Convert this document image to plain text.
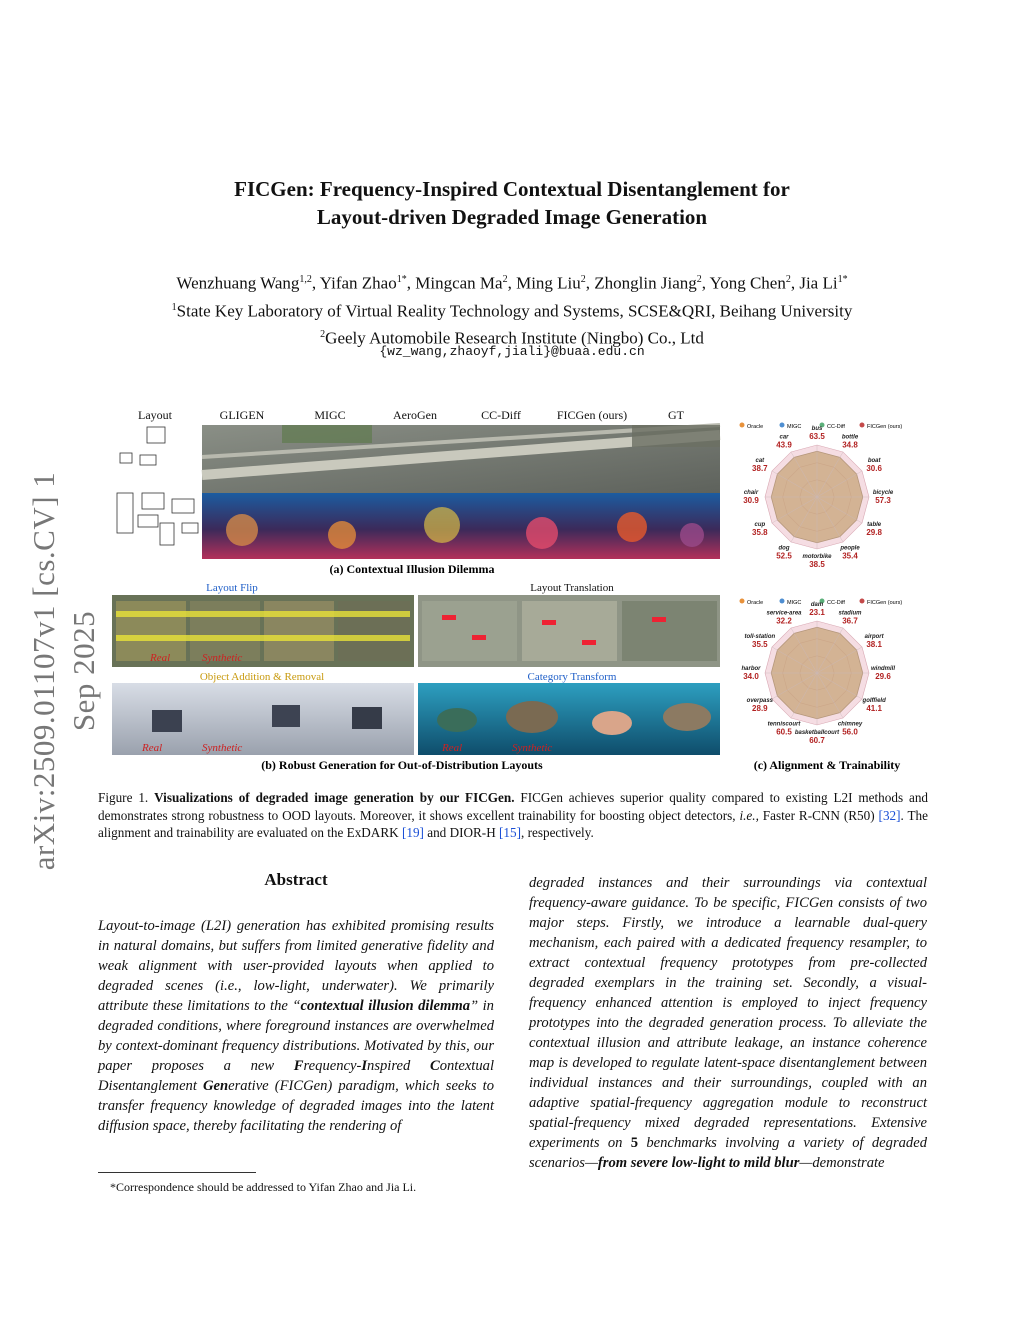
arXiv:2509.01107v1 [cs.CV] 1 Sep 2025
FICGen: Frequency-Inspired Contextual Disentanglement for
Layout-driven Degraded Image Generation
Wenzhuang Wang$^{1,2}$, Yifan Zhao$^{1*}$, Mingcan Ma$^2$, Ming Liu$^2$, Zhonglin Jiang$^2$, Yong Chen$^2$, Jia $Li^{1*}$
$^1$State Key Laboratory of Virtual Reality Technology and Systems, SCSE&QRI, Beihang University
$^2$Geely Automobile Research Institute (Ningbo) Co., Ltd
{wz_wang,zhaoyf,jiali}@buaa.edu.cn
Layout	GLIGEN	MIGC	AeroGen	CC-Diff	FICGen (ours)	GT
(a) Contextual Illusion Dilemma
Layout Flip
Real	Synthetic
Layout Translation
Object Addition & Removal
Real	Synthetic
Category Transform
Real	Synthetic
(b) Robust Generation for Out-of-Distribution Layouts
Oracle	MIGC	CC-Diff	FICGen (ours)
bus
63.5	bottle
34.8
boat
30.6
bicycle
57.3
table
29.8
people
35.4
motorbike
38.5
dog
52.5
cup
35.8
chair
30.9
cat
38.7
car
43.9
Oracle	MIGC	CC-Diff	FICGen (ours)
dam
23.1 stadium
36.7
airport
38.1
windmill
29.6
golffield
41.1
chimney
56.0
basketballcourt
60.7
tenniscourt
60.5
overpass
28.9
harbor
34.0
toll-station
35.5
service-area
32.2
(c) Alignment & Trainability
Figure 1. Visualizations of degraded image generation by our FICGen. FICGen achieves superior quality compared to existing L2I methods and demonstrates strong robustness to OOD layouts. Moreover, it shows excellent trainability for boosting object detectors, i.e., Faster R-CNN (R50) [32]. The alignment and trainability are evaluated on the ExDARK [19] and DIOR-H [15], respectively.
Abstract
Layout-to-image (L2I) generation has exhibited promising results in natural domains, but suffers from limited generative fidelity and weak alignment with user-provided layouts when applied to degraded scenes (i.e., low-light, underwater). We primarily attribute these limitations to the “contextual illusion dilemma” in degraded conditions, where foreground instances are overwhelmed by context-dominant frequency distributions. Motivated by this, our paper proposes a new Frequency-Inspired Contextual Disentanglement Generative (FICGen) paradigm, which seeks to transfer frequency knowledge of degraded images into the latent diffusion space, thereby facilitating the rendering of
degraded instances and their surroundings via contextual frequency-aware guidance. To be specific, FICGen consists of two major steps. Firstly, we introduce a learnable dual-query mechanism, each paired with a dedicated frequency resampler, to extract contextual frequency prototypes from pre-collected degraded exemplars in the training set. Secondly, a visual-frequency enhanced attention is employed to inject frequency prototypes into the degraded generation process. To alleviate the contextual illusion and attribute leakage, an instance coherence map is developed to regulate latent-space disentanglement between individual instances and their surroundings, coupled with an adaptive spatial-frequency aggregation module to reconstruct spatial-frequency mixed degraded representations. Extensive experiments on 5 benchmarks involving a variety of degraded scenarios—from severe low-light to mild blur—demonstrate
*Correspondence should be addressed to Yifan Zhao and Jia Li.
